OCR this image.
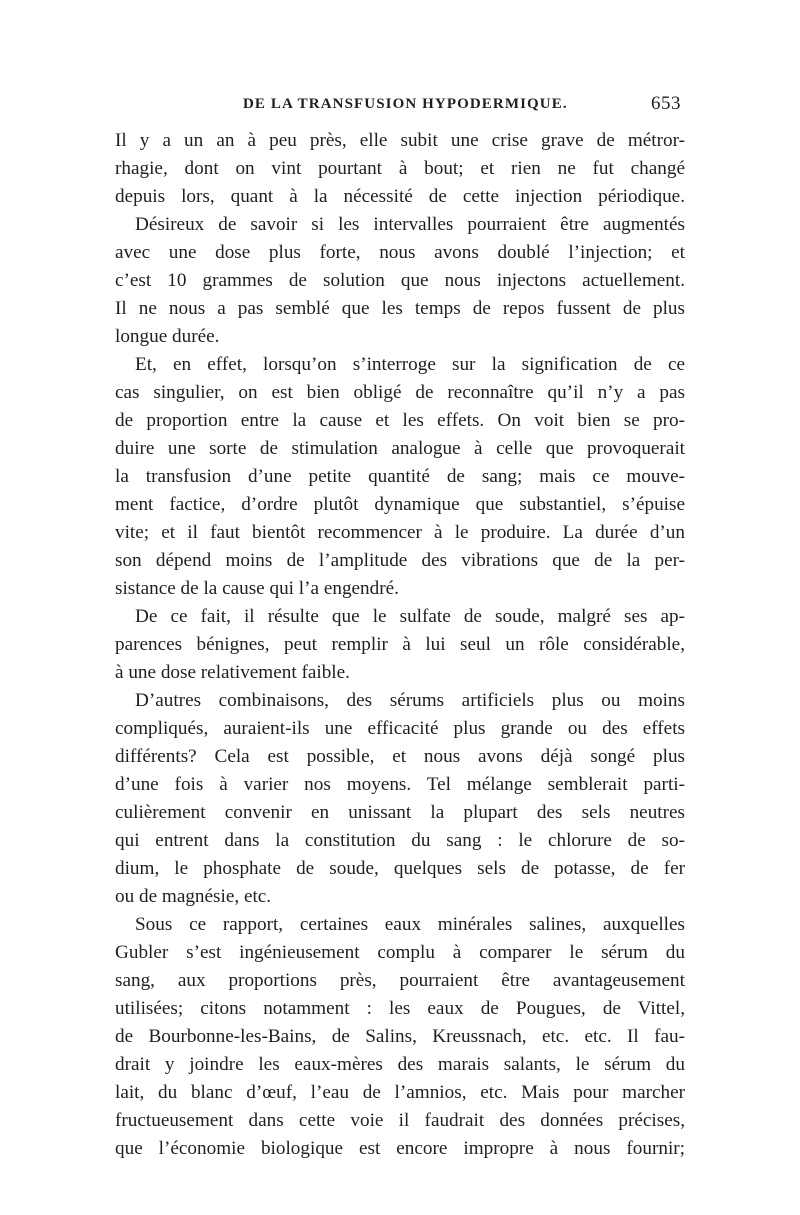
DE LA TRANSFUSION HYPODERMIQUE.	653
Il y a un an à peu près, elle subit une crise grave de métror-
rhagie, dont on vint pourtant à bout; et rien ne fut changé
depuis lors, quant à la nécessité de cette injection périodique.
Désireux de savoir si les intervalles pourraient être augmentés
avec une dose plus forte, nous avons doublé l’injection; et
c’est 10 grammes de solution que nous injectons actuellement.
Il ne nous a pas semblé que les temps de repos fussent de plus
longue durée.
Et, en effet, lorsqu’on s’interroge sur la signification de ce
cas singulier, on est bien obligé de reconnaître qu’il n’y a pas
de proportion entre la cause et les effets. On voit bien se pro-
duire une sorte de stimulation analogue à celle que provoquerait
la transfusion d’une petite quantité de sang; mais ce mouve-
ment factice, d’ordre plutôt dynamique que substantiel, s’épuise
vite; et il faut bientôt recommencer à le produire. La durée d’un
son dépend moins de l’amplitude des vibrations que de la per-
sistance de la cause qui l’a engendré.
De ce fait, il résulte que le sulfate de soude, malgré ses ap-
parences bénignes, peut remplir à lui seul un rôle considérable,
à une dose relativement faible.
D’autres combinaisons, des sérums artificiels plus ou moins
compliqués, auraient-ils une efficacité plus grande ou des effets
différents? Cela est possible, et nous avons déjà songé plus
d’une fois à varier nos moyens. Tel mélange semblerait parti-
culièrement convenir en unissant la plupart des sels neutres
qui entrent dans la constitution du sang : le chlorure de so-
dium, le phosphate de soude, quelques sels de potasse, de fer
ou de magnésie, etc.
Sous ce rapport, certaines eaux minérales salines, auxquelles
Gubler s’est ingénieusement complu à comparer le sérum du
sang, aux proportions près, pourraient être avantageusement
utilisées; citons notamment : les eaux de Pougues, de Vittel,
de Bourbonne-les-Bains, de Salins, Kreussnach, etc. etc. Il fau-
drait y joindre les eaux-mères des marais salants, le sérum du
lait, du blanc d’œuf, l’eau de l’amnios, etc. Mais pour marcher
fructueusement dans cette voie il faudrait des données précises,
que l’économie biologique est encore impropre à nous fournir;
